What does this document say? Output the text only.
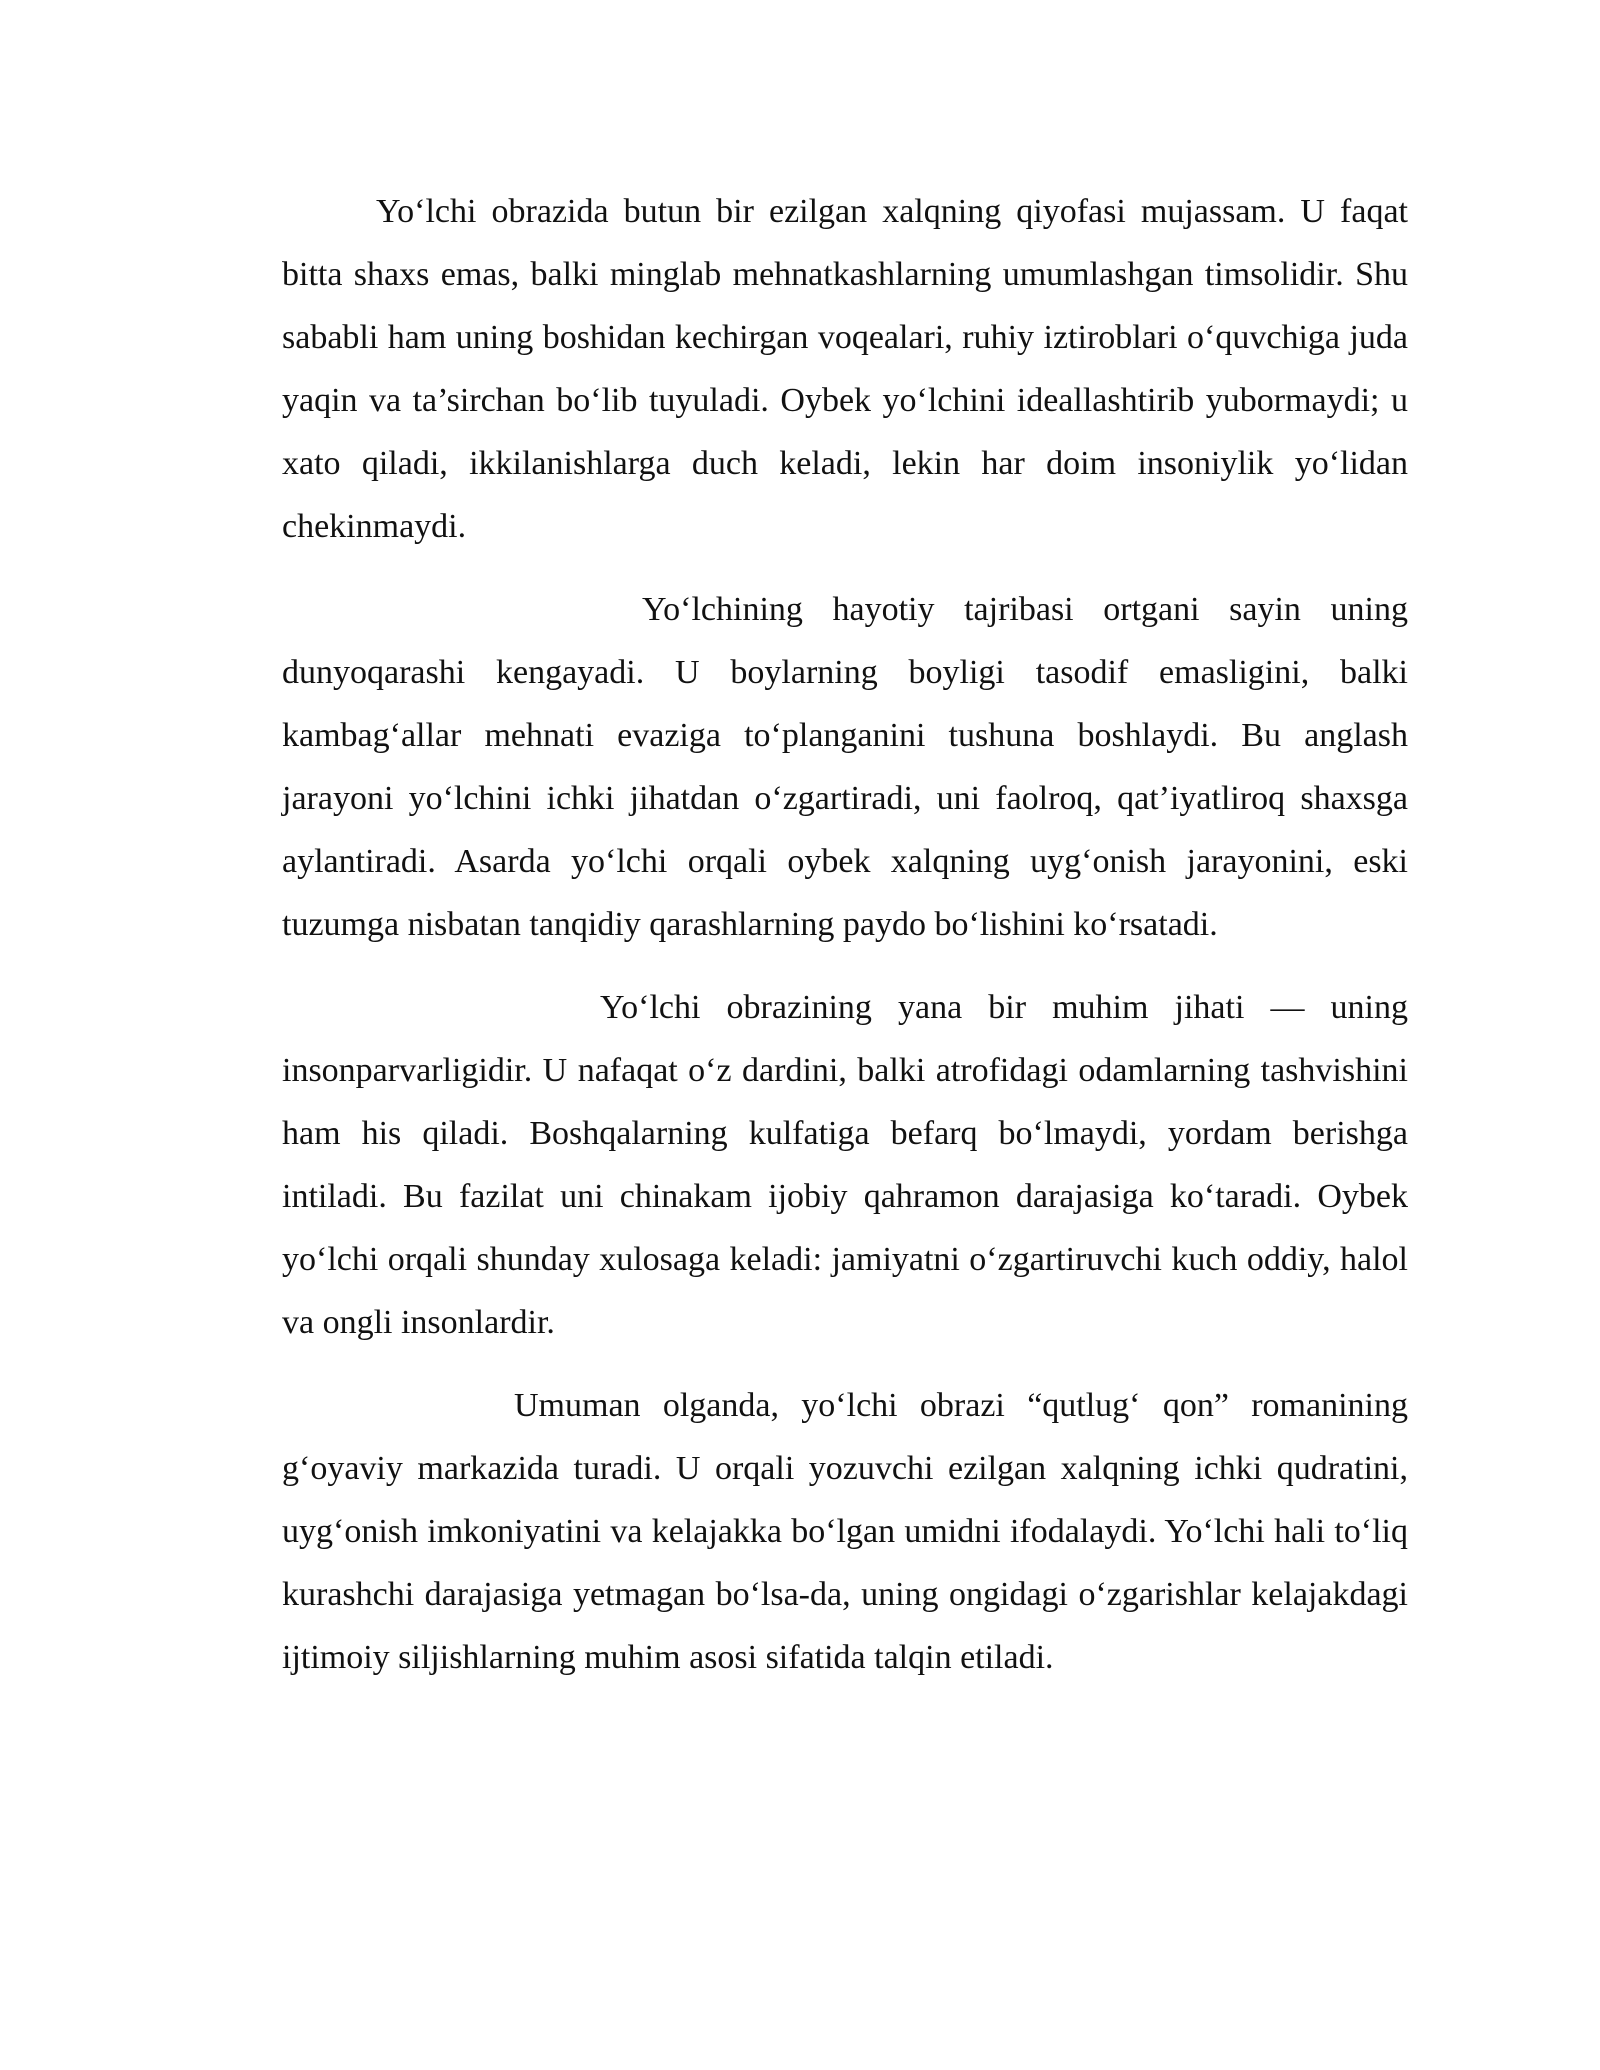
Yo‘lchi obrazida butun bir ezilgan xalqning qiyofasi mujassam. U faqat bitta shaxs emas, balki minglab mehnatkashlarning umumlashgan timsolidir. Shu sababli ham uning boshidan kechirgan voqealari, ruhiy iztiroblari o‘quvchiga juda yaqin va ta’sirchan bo‘lib tuyuladi. Oybek yo‘lchini ideallashtirib yubormaydi; u xato qiladi, ikkilanishlarga duch keladi, lekin har doim insoniylik yo‘lidan chekinmaydi.

Yo‘lchining hayotiy tajribasi ortgani sayin uning dunyoqarashi kengayadi. U boylarning boyligi tasodif emasligini, balki kambag‘allar mehnati evaziga to‘planganini tushuna boshlaydi. Bu anglash jarayoni yo‘lchini ichki jihatdan o‘zgartiradi, uni faolroq, qat’iyatliroq shaxsga aylantiradi. Asarda yo‘lchi orqali oybek xalqning uyg‘onish jarayonini, eski tuzumga nisbatan tanqidiy qarashlarning paydo bo‘lishini ko‘rsatadi.

Yo‘lchi obrazining yana bir muhim jihati — uning insonparvarligidir. U nafaqat o‘z dardini, balki atrofidagi odamlarning tashvishini ham his qiladi. Boshqalarning kulfatiga befarq bo‘lmaydi, yordam berishga intiladi. Bu fazilat uni chinakam ijobiy qahramon darajasiga ko‘taradi. Oybek yo‘lchi orqali shunday xulosaga keladi: jamiyatni o‘zgartiruvchi kuch oddiy, halol va ongli insonlardir.

Umuman olganda, yo‘lchi obrazi “qutlug‘ qon” romanining g‘oyaviy markazida turadi. U orqali yozuvchi ezilgan xalqning ichki qudratini, uyg‘onish imkoniyatini va kelajakka bo‘lgan umidni ifodalaydi. Yo‘lchi hali to‘liq kurashchi darajasiga yetmagan bo‘lsa-da, uning ongidagi o‘zgarishlar kelajakdagi ijtimoiy siljishlarning muhim asosi sifatida talqin etiladi.
